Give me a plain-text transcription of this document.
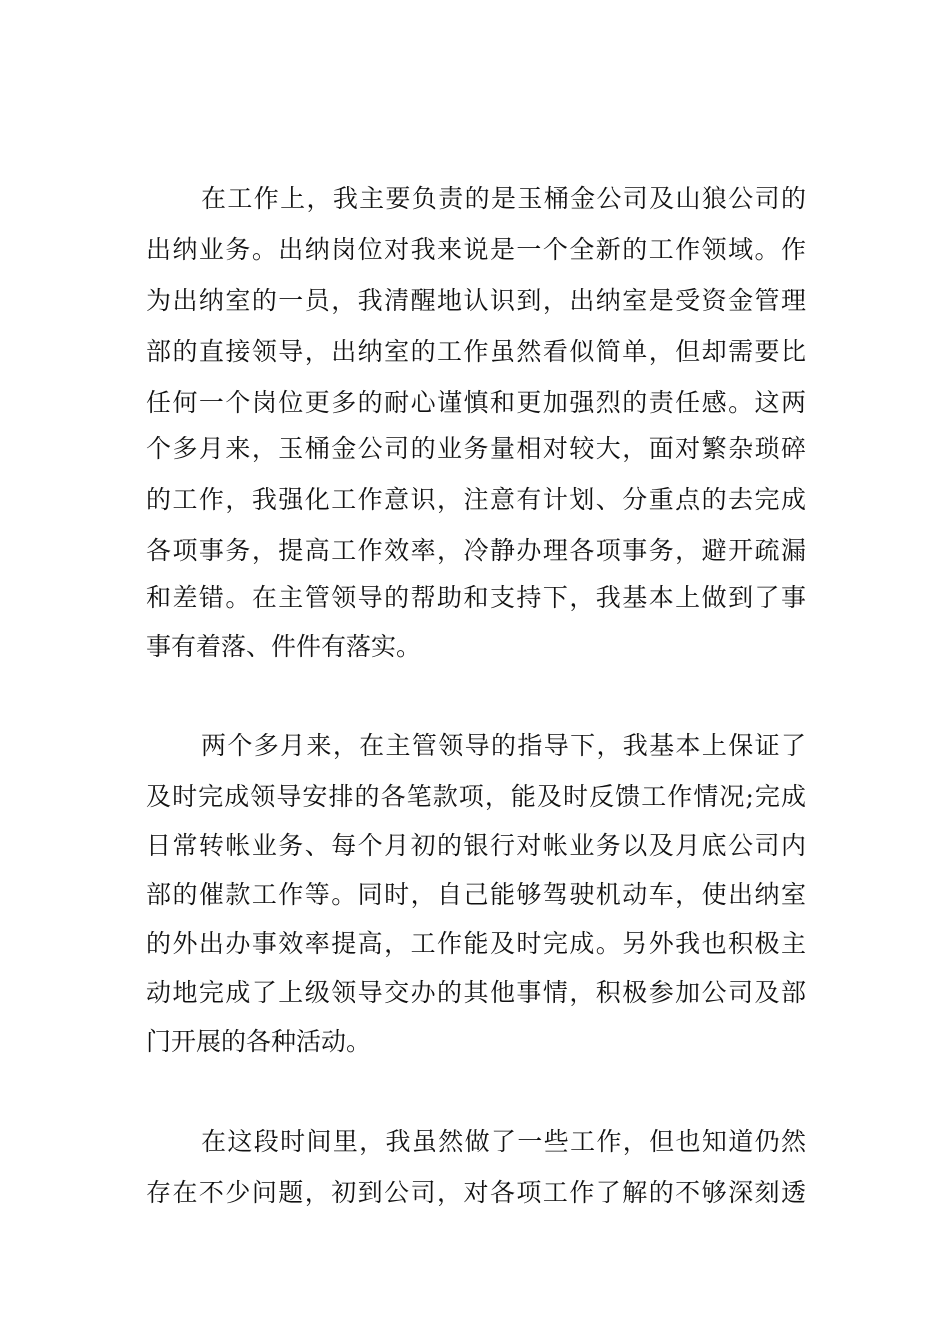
在工作上，我主要负责的是玉桶金公司及山狼公司的
出纳业务。出纳岗位对我来说是一个全新的工作领域。作
为出纳室的一员，我清醒地认识到，出纳室是受资金管理
部的直接领导，出纳室的工作虽然看似简单，但却需要比
任何一个岗位更多的耐心谨慎和更加强烈的责任感。这两
个多月来，玉桶金公司的业务量相对较大，面对繁杂琐碎
的工作，我强化工作意识，注意有计划、分重点的去完成
各项事务，提高工作效率，冷静办理各项事务，避开疏漏
和差错。在主管领导的帮助和支持下，我基本上做到了事
事有着落、件件有落实。
两个多月来，在主管领导的指导下，我基本上保证了
及时完成领导安排的各笔款项，能及时反馈工作情况;完成
日常转帐业务、每个月初的银行对帐业务以及月底公司内
部的催款工作等。同时，自己能够驾驶机动车，使出纳室
的外出办事效率提高，工作能及时完成。另外我也积极主
动地完成了上级领导交办的其他事情，积极参加公司及部
门开展的各种活动。
在这段时间里，我虽然做了一些工作，但也知道仍然
存在不少问题，初到公司，对各项工作了解的不够深刻透
